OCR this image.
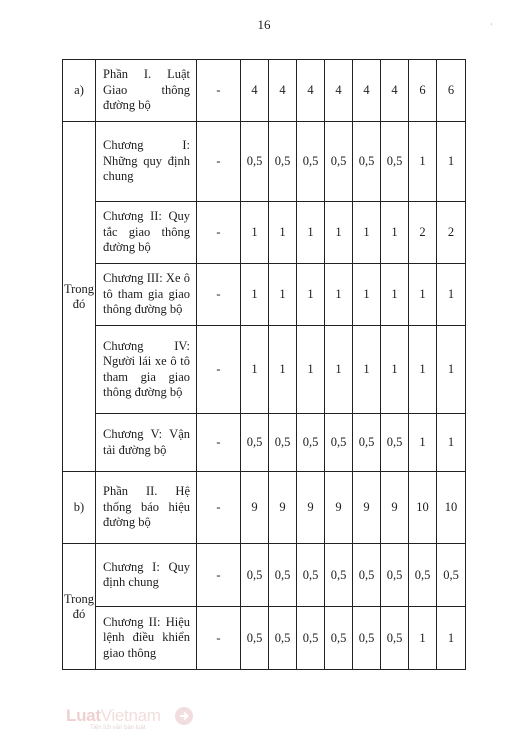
16	·
a)	Phần I. Luật Giao thông đường bộ	-	4	4	4	4	4	4	6	6
Trong đó	Chương I: Những quy định chung	-	0,5	0,5	0,5	0,5	0,5	0,5	1	1
	Chương II: Quy tắc giao thông đường bộ	-	1	1	1	1	1	1	2	2
	Chương III: Xe ô tô tham gia giao thông đường bộ	-	1	1	1	1	1	1	1	1
	Chương IV: Người lái xe ô tô tham gia giao thông đường bộ	-	1	1	1	1	1	1	1	1
	Chương V: Vận tải đường bộ	-	0,5	0,5	0,5	0,5	0,5	0,5	1	1
b)	Phần II. Hệ thống báo hiệu đường bộ	-	9	9	9	9	9	9	10	10
Trong đó	Chương I: Quy định chung	-	0,5	0,5	0,5	0,5	0,5	0,5	0,5	0,5
	Chương II: Hiệu lệnh điều khiển giao thông	-	0,5	0,5	0,5	0,5	0,5	0,5	1	1
LuatVietnam
Tiện ích văn bản luật
